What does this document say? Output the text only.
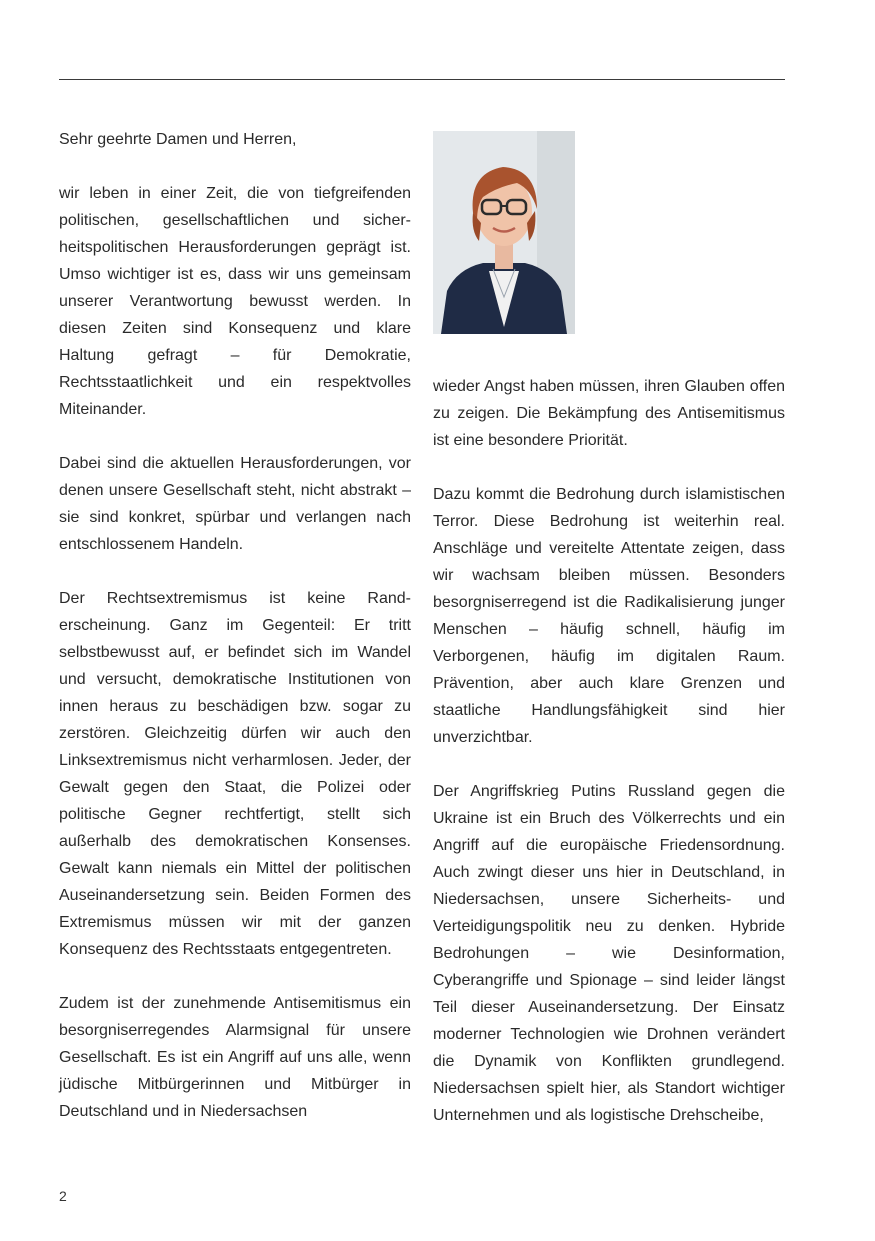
Sehr geehrte Damen und Herren,

wir leben in einer Zeit, die von tiefgreifenden politischen, gesellschaftlichen und sicherheitspolitischen Herausforderungen geprägt ist. Umso wichtiger ist es, dass wir uns gemeinsam unserer Verantwortung bewusst werden. In diesen Zeiten sind Konsequenz und klare Haltung gefragt – für Demokratie, Rechtsstaatlichkeit und ein respektvolles Miteinander.

Dabei sind die aktuellen Herausforderungen, vor denen unsere Gesellschaft steht, nicht abstrakt – sie sind konkret, spürbar und verlangen nach entschlossenem Handeln.

Der Rechtsextremismus ist keine Randerscheinung. Ganz im Gegenteil: Er tritt selbstbewusst auf, er befindet sich im Wandel und versucht, demokratische Institutionen von innen heraus zu beschädigen bzw. sogar zu zerstören. Gleichzeitig dürfen wir auch den Linksextremismus nicht verharmlosen. Jeder, der Gewalt gegen den Staat, die Polizei oder politische Gegner rechtfertigt, stellt sich außerhalb des demokratischen Konsenses. Gewalt kann niemals ein Mittel der politischen Auseinandersetzung sein. Beiden Formen des Extremismus müssen wir mit der ganzen Konsequenz des Rechtsstaats entgegentreten.

Zudem ist der zunehmende Antisemitismus ein besorgniserregendes Alarmsignal für unsere Gesellschaft. Es ist ein Angriff auf uns alle, wenn jüdische Mitbürgerinnen und Mitbürger in Deutschland und in Niedersachsen

wieder Angst haben müssen, ihren Glauben offen zu zeigen. Die Bekämpfung des Antisemitismus ist eine besondere Priorität.

Dazu kommt die Bedrohung durch islamistischen Terror. Diese Bedrohung ist weiterhin real. Anschläge und vereitelte Attentate zeigen, dass wir wachsam bleiben müssen. Besonders besorgniserregend ist die Radikalisierung junger Menschen – häufig schnell, häufig im Verborgenen, häufig im digitalen Raum. Prävention, aber auch klare Grenzen und staatliche Handlungsfähigkeit sind hier unverzichtbar.

Der Angriffskrieg Putins Russland gegen die Ukraine ist ein Bruch des Völkerrechts und ein Angriff auf die europäische Friedensordnung. Auch zwingt dieser uns hier in Deutschland, in Niedersachsen, unsere Sicherheits- und Verteidigungspolitik neu zu denken. Hybride Bedrohungen – wie Desinformation, Cyberangriffe und Spionage – sind leider längst Teil dieser Auseinandersetzung. Der Einsatz moderner Technologien wie Drohnen verändert die Dynamik von Konflikten grundlegend. Niedersachsen spielt hier, als Standort wichtiger Unternehmen und als logistische Drehscheibe,

2
